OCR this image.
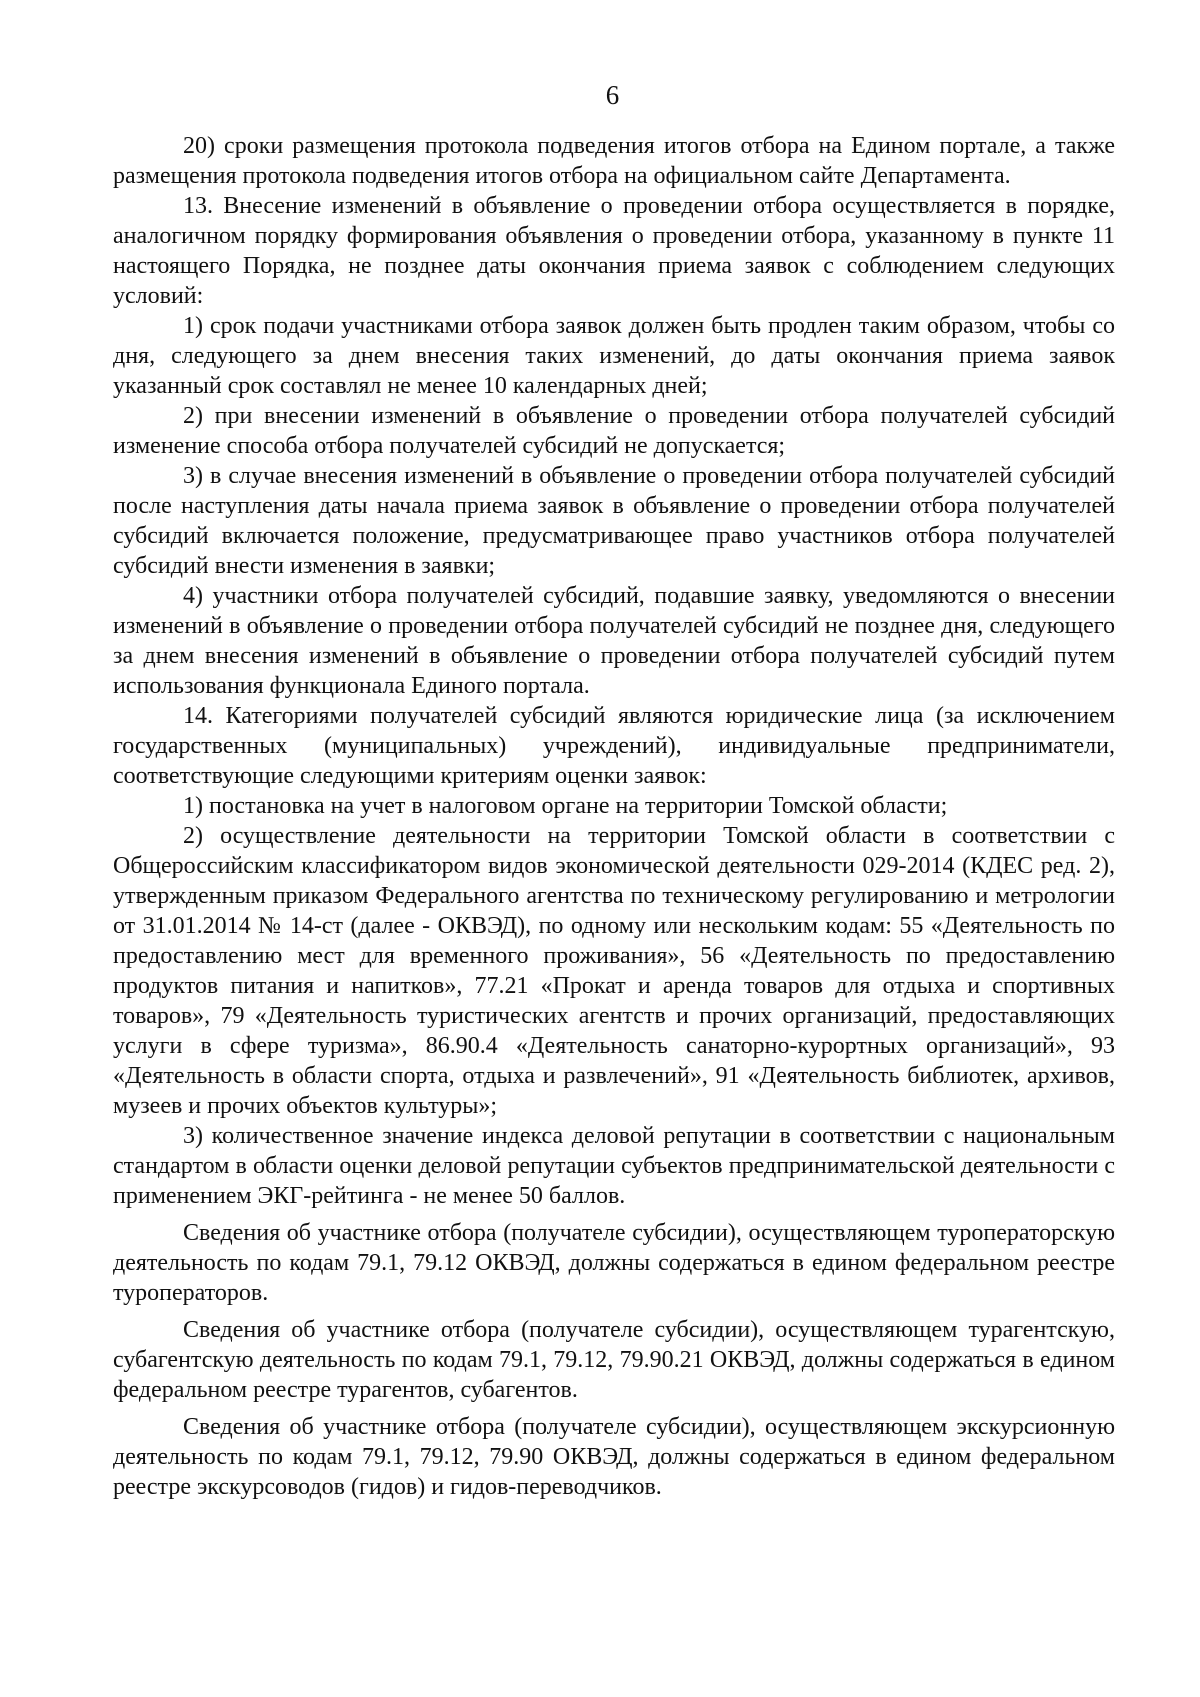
6

20) сроки размещения протокола подведения итогов отбора на Едином портале, а также размещения протокола подведения итогов отбора на официальном сайте Департамента.

13. Внесение изменений в объявление о проведении отбора осуществляется в порядке, аналогичном порядку формирования объявления о проведении отбора, указанному в пункте 11 настоящего Порядка, не позднее даты окончания приема заявок с соблюдением следующих условий:

1) срок подачи участниками отбора заявок должен быть продлен таким образом, чтобы со дня, следующего за днем внесения таких изменений, до даты окончания приема заявок указанный срок составлял не менее 10 календарных дней;

2) при внесении изменений в объявление о проведении отбора получателей субсидий изменение способа отбора получателей субсидий не допускается;

3) в случае внесения изменений в объявление о проведении отбора получателей субсидий после наступления даты начала приема заявок в объявление о проведении отбора получателей субсидий включается положение, предусматривающее право участников отбора получателей субсидий внести изменения в заявки;

4) участники отбора получателей субсидий, подавшие заявку, уведомляются о внесении изменений в объявление о проведении отбора получателей субсидий не позднее дня, следующего за днем внесения изменений в объявление о проведении отбора получателей субсидий путем использования функционала Единого портала.

14. Категориями получателей субсидий являются юридические лица (за исключением государственных (муниципальных) учреждений), индивидуальные предприниматели, соответствующие следующими критериям оценки заявок:

1) постановка на учет в налоговом органе на территории Томской области;

2) осуществление деятельности на территории Томской области в соответствии с Общероссийским классификатором видов экономической деятельности 029-2014 (КДЕС ред. 2), утвержденным приказом Федерального агентства по техническому регулированию и метрологии от 31.01.2014 № 14-ст (далее - ОКВЭД), по одному или нескольким кодам: 55 «Деятельность по предоставлению мест для временного проживания», 56 «Деятельность по предоставлению продуктов питания и напитков», 77.21 «Прокат и аренда товаров для отдыха и спортивных товаров», 79 «Деятельность туристических агентств и прочих организаций, предоставляющих услуги в сфере туризма», 86.90.4 «Деятельность санаторно-курортных организаций», 93 «Деятельность в области спорта, отдыха и развлечений», 91 «Деятельность библиотек, архивов, музеев и прочих объектов культуры»;

3) количественное значение индекса деловой репутации в соответствии с национальным стандартом в области оценки деловой репутации субъектов предпринимательской деятельности с применением ЭКГ-рейтинга - не менее 50 баллов.

Сведения об участнике отбора (получателе субсидии), осуществляющем туроператорскую деятельность по кодам 79.1, 79.12 ОКВЭД, должны содержаться в едином федеральном реестре туроператоров.

Сведения об участнике отбора (получателе субсидии), осуществляющем турагентскую, субагентскую деятельность по кодам 79.1, 79.12, 79.90.21 ОКВЭД, должны содержаться в едином федеральном реестре турагентов, субагентов.

Сведения об участнике отбора (получателе субсидии), осуществляющем экскурсионную деятельность по кодам 79.1, 79.12, 79.90 ОКВЭД, должны содержаться в едином федеральном реестре экскурсоводов (гидов) и гидов-переводчиков.
